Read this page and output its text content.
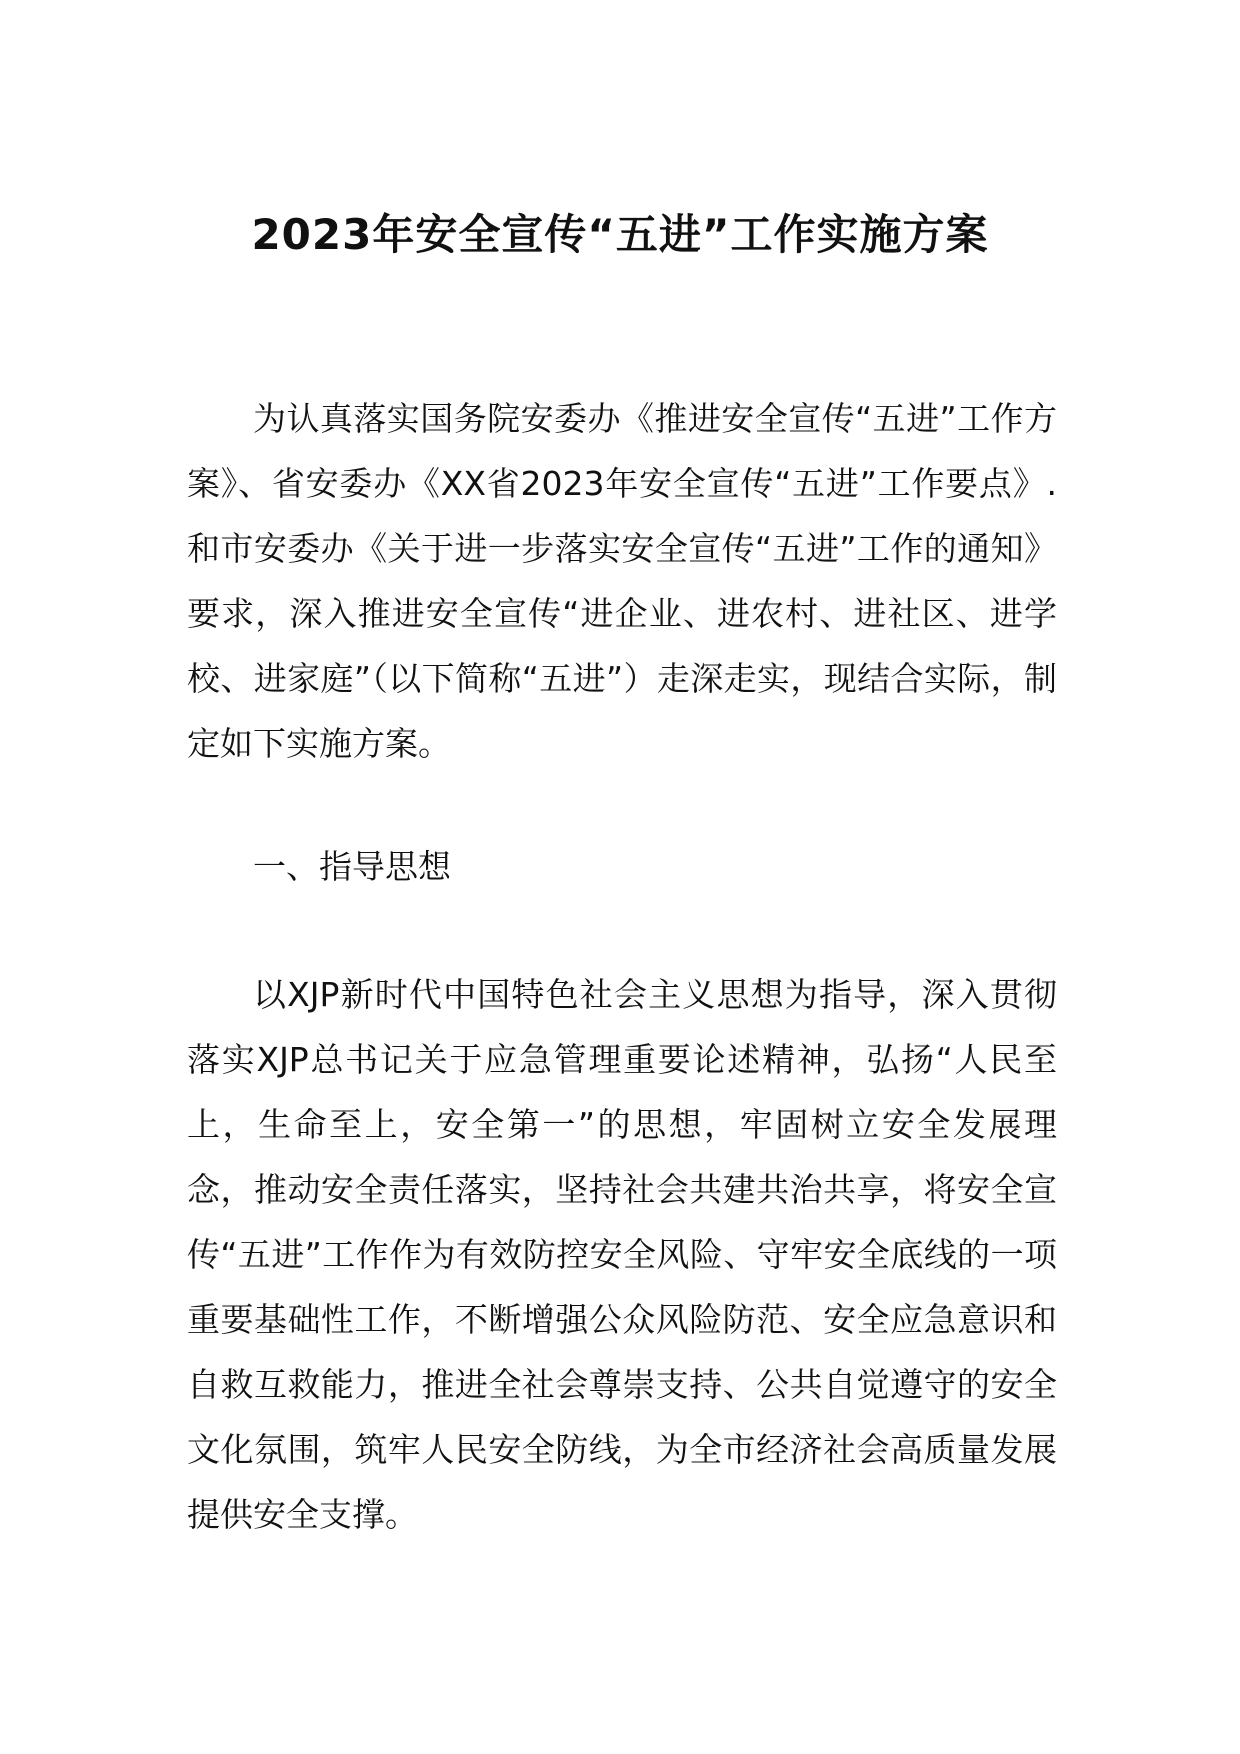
2023年安全宣传“五进”工作实施方案

为认真落实国务院安委办《推进安全宣传“五进”工作方案》、省安委办《XX省2023年安全宣传“五进”工作要点》.和市安委办《关于进一步落实安全宣传“五进”工作的通知》要求，深入推进安全宣传“进企业、进农村、进社区、进学校、进家庭”（以下简称“五进”）走深走实，现结合实际，制定如下实施方案。

一、指导思想

以XJP新时代中国特色社会主义思想为指导，深入贯彻落实XJP总书记关于应急管理重要论述精神，弘扬“人民至上，生命至上，安全第一”的思想，牢固树立安全发展理念，推动安全责任落实，坚持社会共建共治共享，将安全宣传“五进”工作作为有效防控安全风险、守牢安全底线的一项重要基础性工作，不断增强公众风险防范、安全应急意识和自救互救能力，推进全社会尊崇支持、公共自觉遵守的安全文化氛围，筑牢人民安全防线，为全市经济社会高质量发展提供安全支撑。
